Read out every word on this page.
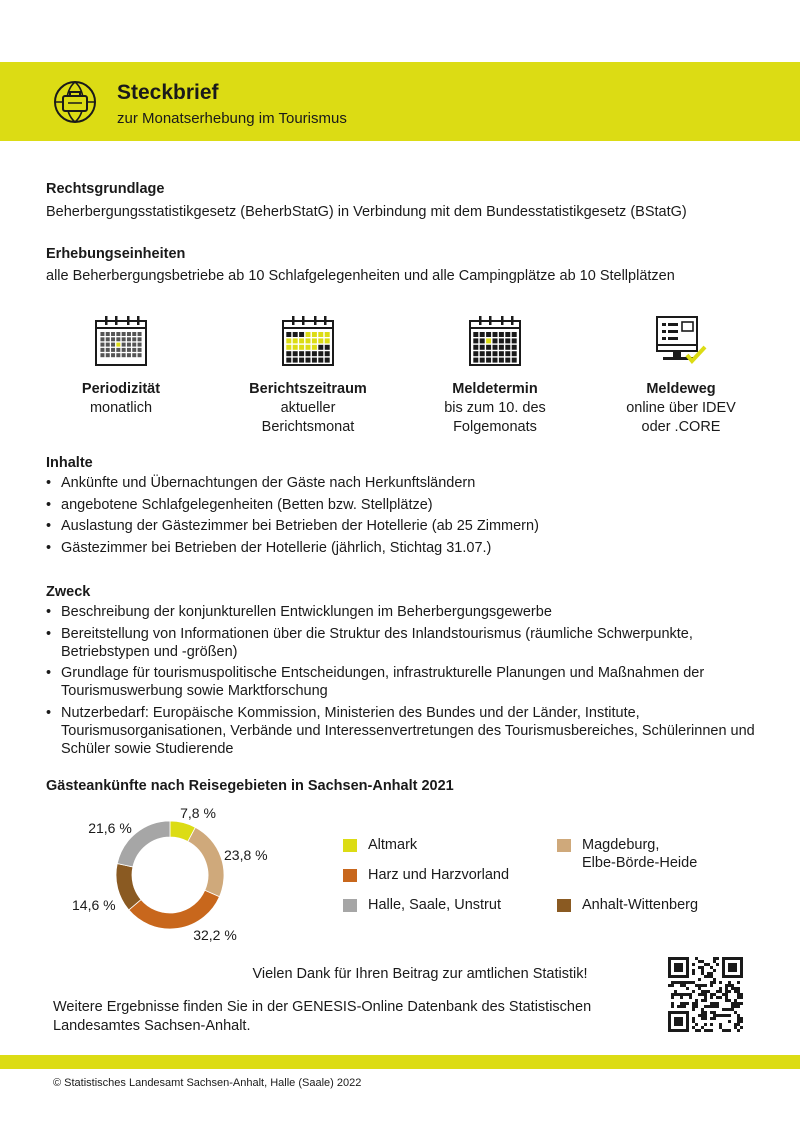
Steckbrief
zur Monatserhebung im Tourismus
Rechtsgrundlage
Beherbergungsstatistikgesetz (BeherbStatG) in Verbindung mit dem Bundesstatistikgesetz (BStatG)
Erhebungseinheiten
alle Beherbergungsbetriebe ab 10 Schlafgelegenheiten und alle Campingplätze ab 10 Stellplätzen
Periodizität
monatlich
Berichtszeitraum
aktueller Berichtsmonat
Meldetermin
bis zum 10. des Folgemonats
Meldeweg
online über IDEV oder .CORE
Inhalte
• Ankünfte und Übernachtungen der Gäste nach Herkunftsländern
• angebotene Schlafgelegenheiten (Betten bzw. Stellplätze)
• Auslastung der Gästezimmer bei Betrieben der Hotellerie (ab 25 Zimmern)
• Gästezimmer bei Betrieben der Hotellerie (jährlich, Stichtag 31.07.)
Zweck
• Beschreibung der konjunkturellen Entwicklungen im Beherbergungsgewerbe
• Bereitstellung von Informationen über die Struktur des Inlandstourismus (räumliche Schwerpunkte, Betriebstypen und -größen)
• Grundlage für tourismuspolitische Entscheidungen, infrastrukturelle Planungen und Maßnahmen der Tourismuswerbung sowie Marktforschung
• Nutzerbedarf: Europäische Kommission, Ministerien des Bundes und der Länder, Institute, Tourismusorganisationen, Verbände und Interessenvertretungen des Tourismusbereiches, Schülerinnen und Schüler sowie Studierende
Gästeankünfte nach Reisegebieten in Sachsen-Anhalt 2021
7,8 %
23,8 %
32,2 %
14,6 %
21,6 %
Altmark
Harz und Harzvorland
Halle, Saale, Unstrut
Magdeburg,
Elbe-Börde-Heide
Anhalt-Wittenberg
Vielen Dank für Ihren Beitrag zur amtlichen Statistik!
Weitere Ergebnisse finden Sie in der GENESIS-Online Datenbank des Statistischen Landesamtes Sachsen-Anhalt.
© Statistisches Landesamt Sachsen-Anhalt, Halle (Saale) 2022
